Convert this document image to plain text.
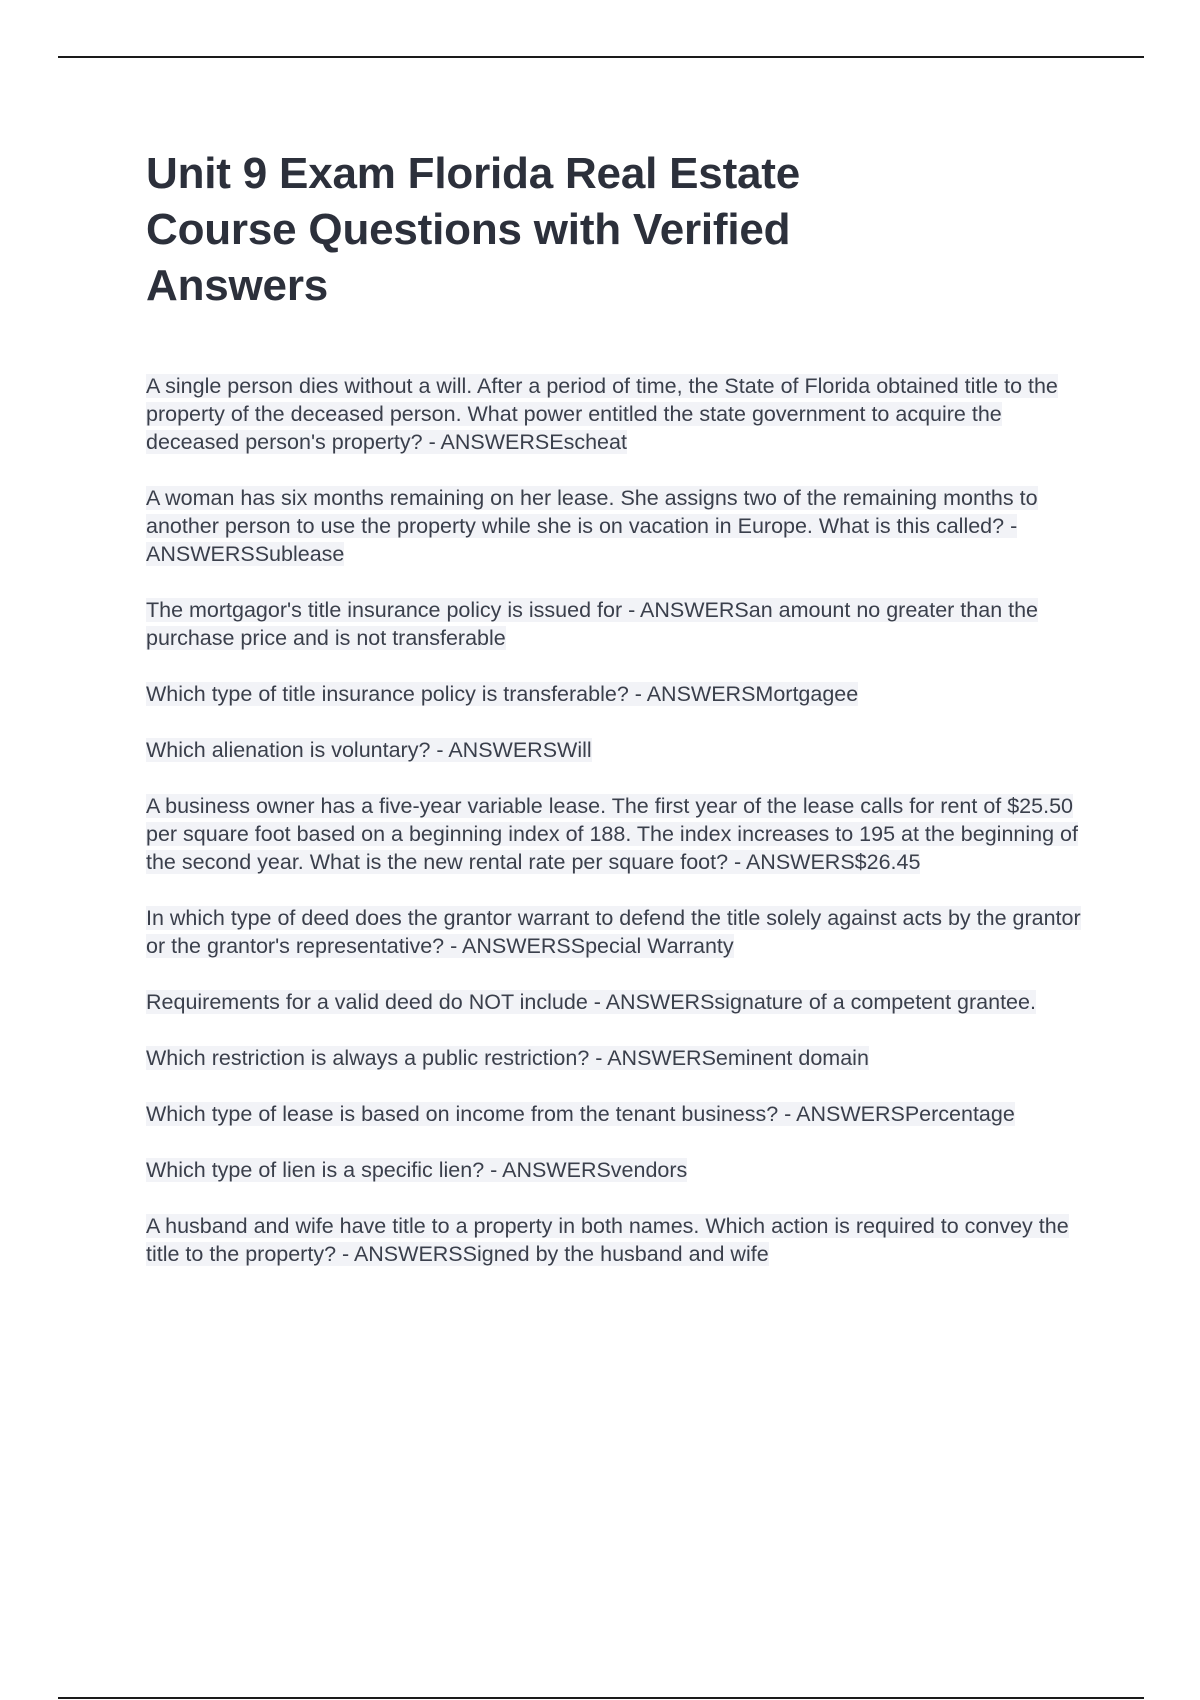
Unit 9 Exam Florida Real Estate Course Questions with Verified Answers

A single person dies without a will. After a period of time, the State of Florida obtained title to the property of the deceased person. What power entitled the state government to acquire the deceased person's property? - ANSWERSEscheat

A woman has six months remaining on her lease. She assigns two of the remaining months to another person to use the property while she is on vacation in Europe. What is this called? - ANSWERSSublease

The mortgagor's title insurance policy is issued for - ANSWERSan amount no greater than the purchase price and is not transferable

Which type of title insurance policy is transferable? - ANSWERSMortgagee

Which alienation is voluntary? - ANSWERSWill

A business owner has a five-year variable lease. The first year of the lease calls for rent of $25.50 per square foot based on a beginning index of 188. The index increases to 195 at the beginning of the second year. What is the new rental rate per square foot? - ANSWERS$26.45

In which type of deed does the grantor warrant to defend the title solely against acts by the grantor or the grantor's representative? - ANSWERSSpecial Warranty

Requirements for a valid deed do NOT include - ANSWERSsignature of a competent grantee.

Which restriction is always a public restriction? - ANSWERSeminent domain

Which type of lease is based on income from the tenant business? - ANSWERSPercentage

Which type of lien is a specific lien? - ANSWERSvendors

A husband and wife have title to a property in both names. Which action is required to convey the title to the property? - ANSWERSSigned by the husband and wife
